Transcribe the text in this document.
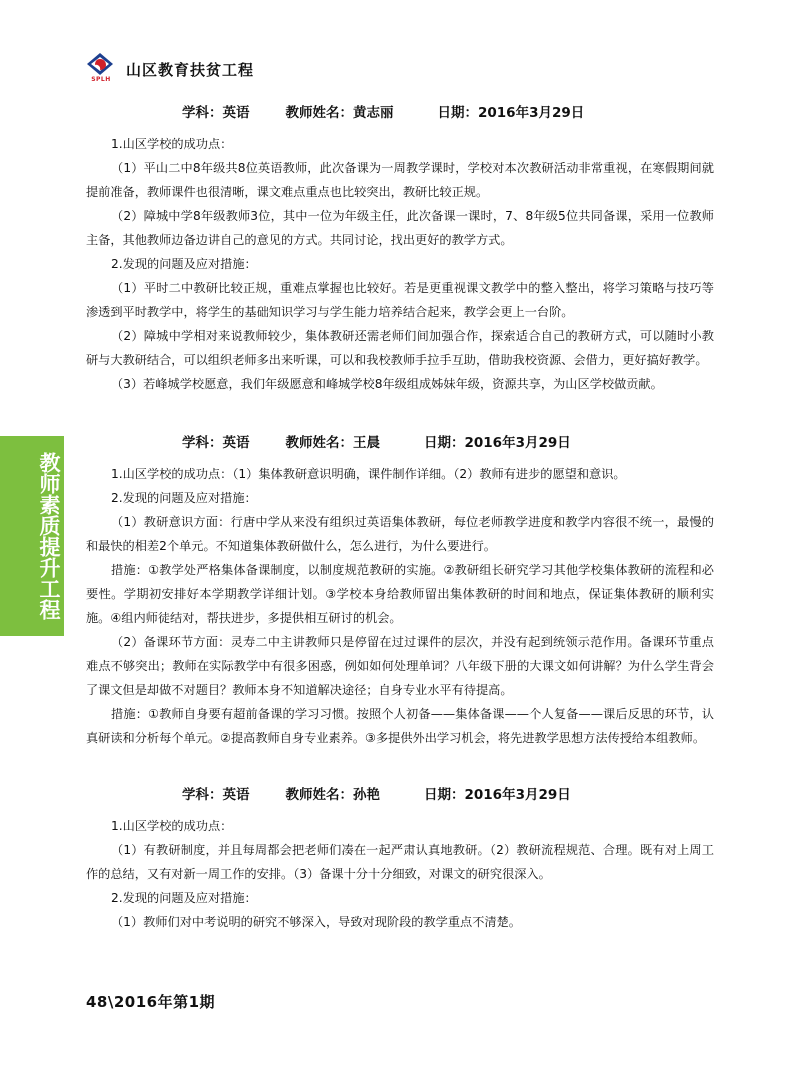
SPLH
山区教育扶贫工程
教师素质提升工程
学科：英语	教师姓名：黄志丽	日期：2016年3月29日

1.山区学校的成功点：

（1）平山二中8年级共8位英语教师，此次备课为一周教学课时，学校对本次教研活动非常重视，在寒假期间就提前准备，教师课件也很清晰，课文难点重点也比较突出，教研比较正规。

（2）障城中学8年级教师3位，其中一位为年级主任，此次备课一课时，7、8年级5位共同备课，采用一位教师主备，其他教师边备边讲自己的意见的方式。共同讨论，找出更好的教学方式。

2.发现的问题及应对措施：

（1）平时二中教研比较正规，重难点掌握也比较好。若是更重视课文教学中的整入整出，将学习策略与技巧等渗透到平时教学中，将学生的基础知识学习与学生能力培养结合起来，教学会更上一台阶。

（2）障城中学相对来说教师较少，集体教研还需老师们间加强合作，探索适合自己的教研方式，可以随时小教研与大教研结合，可以组织老师多出来听课，可以和我校教师手拉手互助，借助我校资源、会借力，更好搞好教学。

（3）若峰城学校愿意，我们年级愿意和峰城学校8年级组成姊妹年级，资源共享，为山区学校做贡献。

学科：英语	教师姓名：王晨	日期：2016年3月29日

1.山区学校的成功点：（1）集体教研意识明确，课件制作详细。（2）教师有进步的愿望和意识。

2.发现的问题及应对措施：

（1）教研意识方面：行唐中学从来没有组织过英语集体教研，每位老师教学进度和教学内容很不统一，最慢的和最快的相差2个单元。不知道集体教研做什么，怎么进行，为什么要进行。

措施：①教学处严格集体备课制度，以制度规范教研的实施。②教研组长研究学习其他学校集体教研的流程和必要性。学期初安排好本学期教学详细计划。③学校本身给教师留出集体教研的时间和地点，保证集体教研的顺利实施。④组内师徒结对，帮扶进步，多提供相互研讨的机会。

（2）备课环节方面：灵寿二中主讲教师只是停留在过过课件的层次，并没有起到统领示范作用。备课环节重点难点不够突出；教师在实际教学中有很多困惑，例如如何处理单词？八年级下册的大课文如何讲解？为什么学生背会了课文但是却做不对题目？教师本身不知道解决途径；自身专业水平有待提高。

措施：①教师自身要有超前备课的学习习惯。按照个人初备——集体备课——个人复备——课后反思的环节，认真研读和分析每个单元。②提高教师自身专业素养。③多提供外出学习机会，将先进教学思想方法传授给本组教师。

学科：英语	教师姓名：孙艳	日期：2016年3月29日

1.山区学校的成功点：

（1）有教研制度，并且每周都会把老师们凑在一起严肃认真地教研。（2）教研流程规范、合理。既有对上周工作的总结，又有对新一周工作的安排。（3）备课十分十分细致，对课文的研究很深入。

2.发现的问题及应对措施：

（1）教师们对中考说明的研究不够深入，导致对现阶段的教学重点不清楚。

48\2016年第1期
